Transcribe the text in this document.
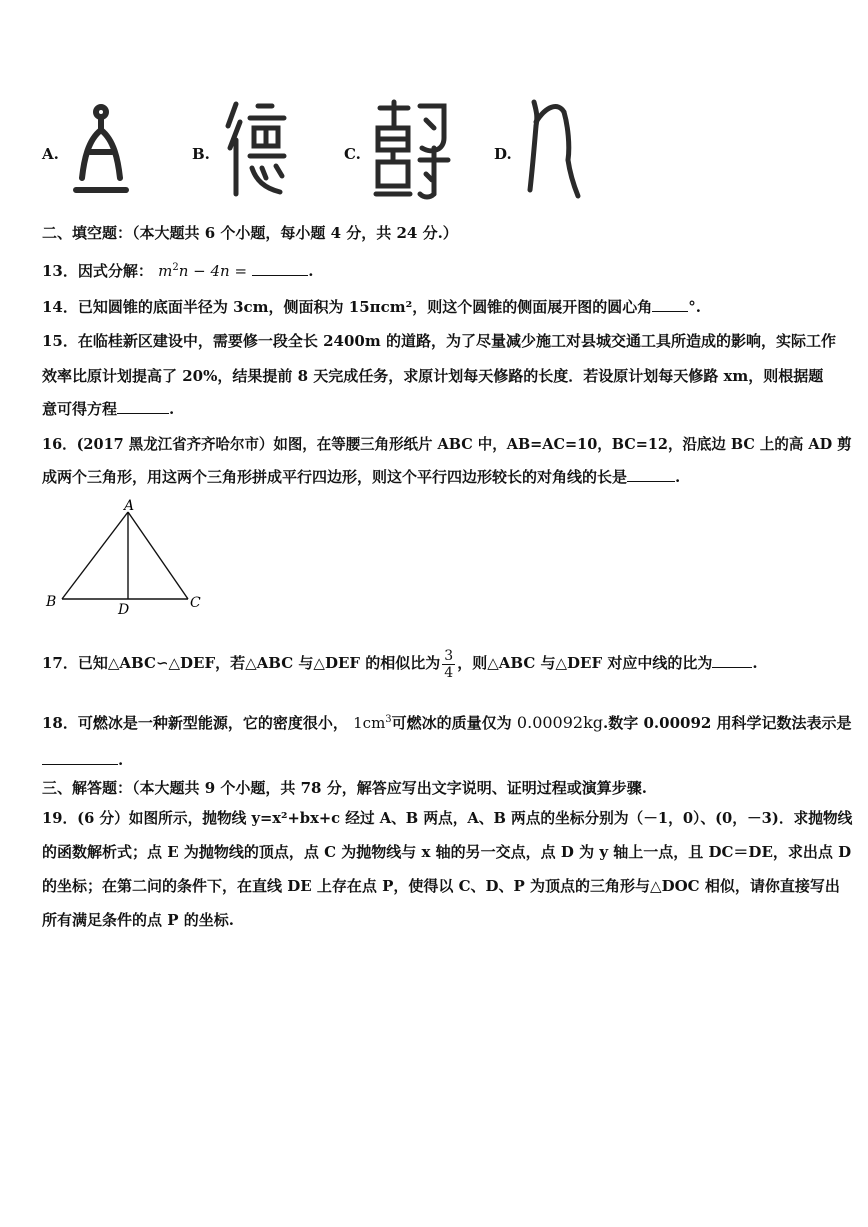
A.	B.	C.	D.
二、填空题：（本大题共 6 个小题，每小题 4 分，共 24 分.）
13．因式分解： $m^2n - 4n$ =	.
14．已知圆锥的底面半径为 3cm，侧面积为 15πcm²，则这个圆锥的侧面展开图的圆心角 °.
15．在临桂新区建设中，需要修一段全长 2400m 的道路，为了尽量减少施工对县城交通工具所造成的影响，实际工作
效率比原计划提高了 20%，结果提前 8 天完成任务，求原计划每天修路的长度．若设原计划每天修路 xm，则根据题
意可得方程	.
16．(2017 黑龙江省齐齐哈尔市）如图，在等腰三角形纸片 ABC 中，AB=AC=10，BC=12，沿底边 BC 上的高 AD 剪
成两个三角形，用这两个三角形拼成平行四边形，则这个平行四边形较长的对角线的长是	.
A
B	C
D
17．已知△ABC∽△DEF，若△ABC 与△DEF 的相似比为 $\frac{3}{4}$ ，则△ABC 与△DEF 对应中线的比为	.
18．可燃冰是一种新型能源，它的密度很小， $1cm^3$可燃冰的质量仅为 0.00092kg.数字 0.00092 用科学记数法表示是
.
三、解答题：（本大题共 9 个小题，共 78 分，解答应写出文字说明、证明过程或演算步骤.
19．(6 分）如图所示，抛物线 y=x²+bx+c 经过 A、B 两点，A、B 两点的坐标分别为（－1，0）、(0，－3)．求抛物线
的函数解析式；点 E 为抛物线的顶点，点 C 为抛物线与 x 轴的另一交点，点 D 为 y 轴上一点，且 DC＝DE，求出点 D
的坐标；在第二问的条件下，在直线 DE 上存在点 P，使得以 C、D、P 为顶点的三角形与△DOC 相似，请你直接写出
所有满足条件的点 P 的坐标.
